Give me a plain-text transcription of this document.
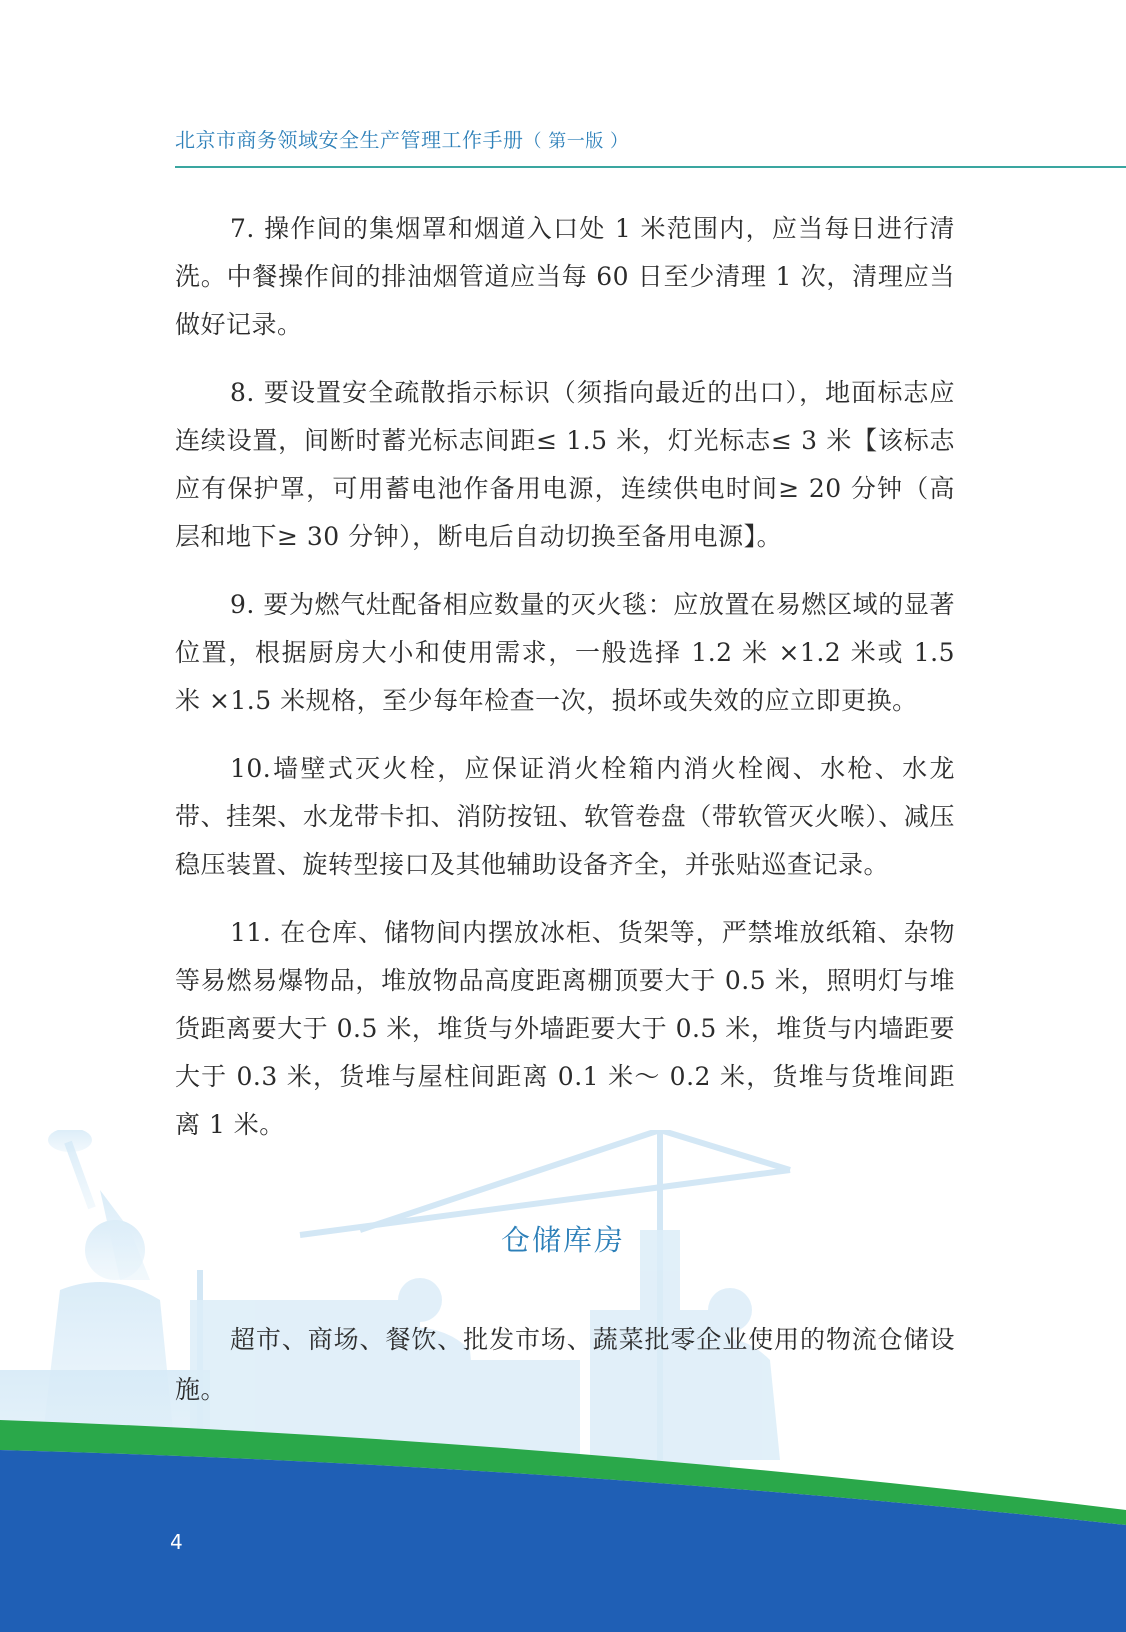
北京市商务领域安全生产管理工作手册（ 第一版 ）

7. 操作间的集烟罩和烟道入口处 1 米范围内，应当每日进行清洗。中餐操作间的排油烟管道应当每 60 日至少清理 1 次，清理应当做好记录。

8. 要设置安全疏散指示标识（须指向最近的出口），地面标志应连续设置，间断时蓄光标志间距≤ 1.5 米，灯光标志≤ 3 米【该标志应有保护罩，可用蓄电池作备用电源，连续供电时间≥ 20 分钟（高层和地下≥ 30 分钟），断电后自动切换至备用电源】。

9. 要为燃气灶配备相应数量的灭火毯：应放置在易燃区域的显著位置，根据厨房大小和使用需求，一般选择 1.2 米 ×1.2 米或 1.5 米 ×1.5 米规格，至少每年检查一次，损坏或失效的应立即更换。

10.墙壁式灭火栓，应保证消火栓箱内消火栓阀、水枪、水龙带、挂架、水龙带卡扣、消防按钮、软管卷盘（带软管灭火喉）、减压稳压装置、旋转型接口及其他辅助设备齐全，并张贴巡查记录。

11. 在仓库、储物间内摆放冰柜、货架等，严禁堆放纸箱、杂物等易燃易爆物品，堆放物品高度距离棚顶要大于 0.5 米，照明灯与堆货距离要大于 0.5 米，堆货与外墙距要大于 0.5 米，堆货与内墙距要大于 0.3 米，货堆与屋柱间距离 0.1 米～ 0.2 米，货堆与货堆间距离 1 米。

仓储库房

超市、商场、餐饮、批发市场、蔬菜批零企业使用的物流仓储设施。

4
